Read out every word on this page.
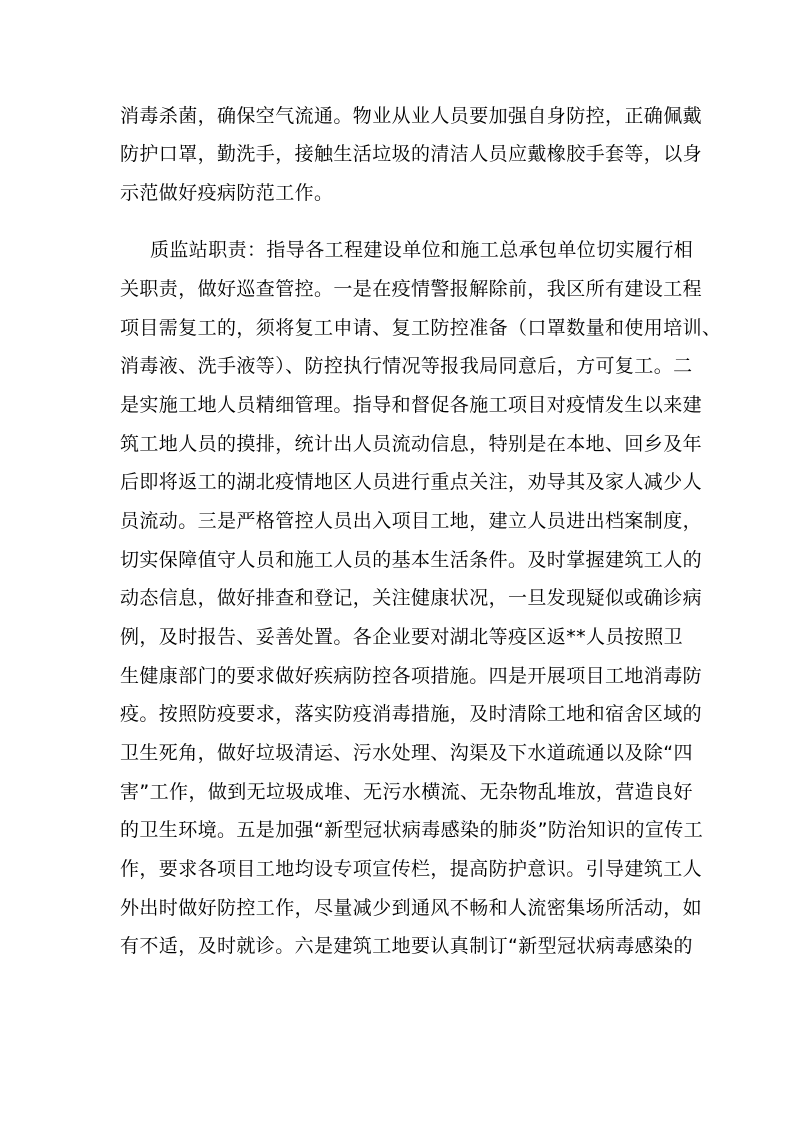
消毒杀菌，确保空气流通。物业从业人员要加强自身防控，正确佩戴

防护口罩，勤洗手，接触生活垃圾的清洁人员应戴橡胶手套等，以身

示范做好疫病防范工作。

质监站职责：指导各工程建设单位和施工总承包单位切实履行相

关职责，做好巡查管控。一是在疫情警报解除前，我区所有建设工程

项目需复工的，须将复工申请、复工防控准备（口罩数量和使用培训、

消毒液、洗手液等）、防控执行情况等报我局同意后，方可复工。二

是实施工地人员精细管理。指导和督促各施工项目对疫情发生以来建

筑工地人员的摸排，统计出人员流动信息，特别是在本地、回乡及年

后即将返工的湖北疫情地区人员进行重点关注，劝导其及家人减少人

员流动。三是严格管控人员出入项目工地，建立人员进出档案制度，

切实保障值守人员和施工人员的基本生活条件。及时掌握建筑工人的

动态信息，做好排查和登记，关注健康状况，一旦发现疑似或确诊病

例，及时报告、妥善处置。各企业要对湖北等疫区返**人员按照卫

生健康部门的要求做好疾病防控各项措施。四是开展项目工地消毒防

疫。按照防疫要求，落实防疫消毒措施，及时清除工地和宿舍区域的

卫生死角，做好垃圾清运、污水处理、沟渠及下水道疏通以及除“四

害”工作，做到无垃圾成堆、无污水横流、无杂物乱堆放，营造良好

的卫生环境。五是加强“新型冠状病毒感染的肺炎”防治知识的宣传工

作，要求各项目工地均设专项宣传栏，提高防护意识。引导建筑工人

外出时做好防控工作，尽量减少到通风不畅和人流密集场所活动，如

有不适，及时就诊。六是建筑工地要认真制订“新型冠状病毒感染的
